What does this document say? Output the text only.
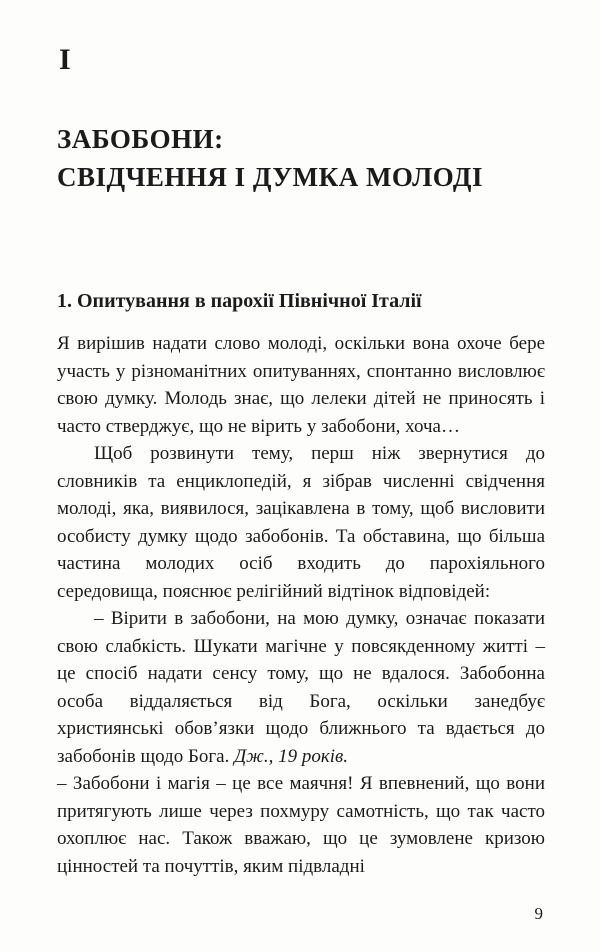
I
ЗАБОБОНИ:
СВІДЧЕННЯ І ДУМКА МОЛОДІ
1. Опитування в парохії Північної Італії

Я вирішив надати слово молоді, оскільки вона охоче бере участь у різноманітних опитуваннях, спонтанно висловлює свою думку. Молодь знає, що лелеки дітей не приносять і часто стверджує, що не вірить у забобони, хоча…

Щоб розвинути тему, перш ніж звернутися до словників та енциклопедій, я зібрав численні свідчення молоді, яка, виявилося, зацікавлена в тому, щоб висловити особисту думку щодо забобонів. Та обставина, що більша частина молодих осіб входить до парохіяльного середовища, пояснює релігійний відтінок відповідей:

– Вірити в забобони, на мою думку, означає показати свою слабкість. Шукати магічне у повсякденному житті – це спосіб надати сенсу тому, що не вдалося. Забобонна особа віддаляється від Бога, оскільки занедбує християнські обов’язки щодо ближнього та вдається до забобонів щодо Бога. Дж., 19 років.

– Забобони і магія – це все маячня! Я впевнений, що вони притягують лише через похмуру самотність, що так часто охоплює нас. Також вважаю, що це зумовлене кризою цінностей та почуттів, яким підвладні

9
